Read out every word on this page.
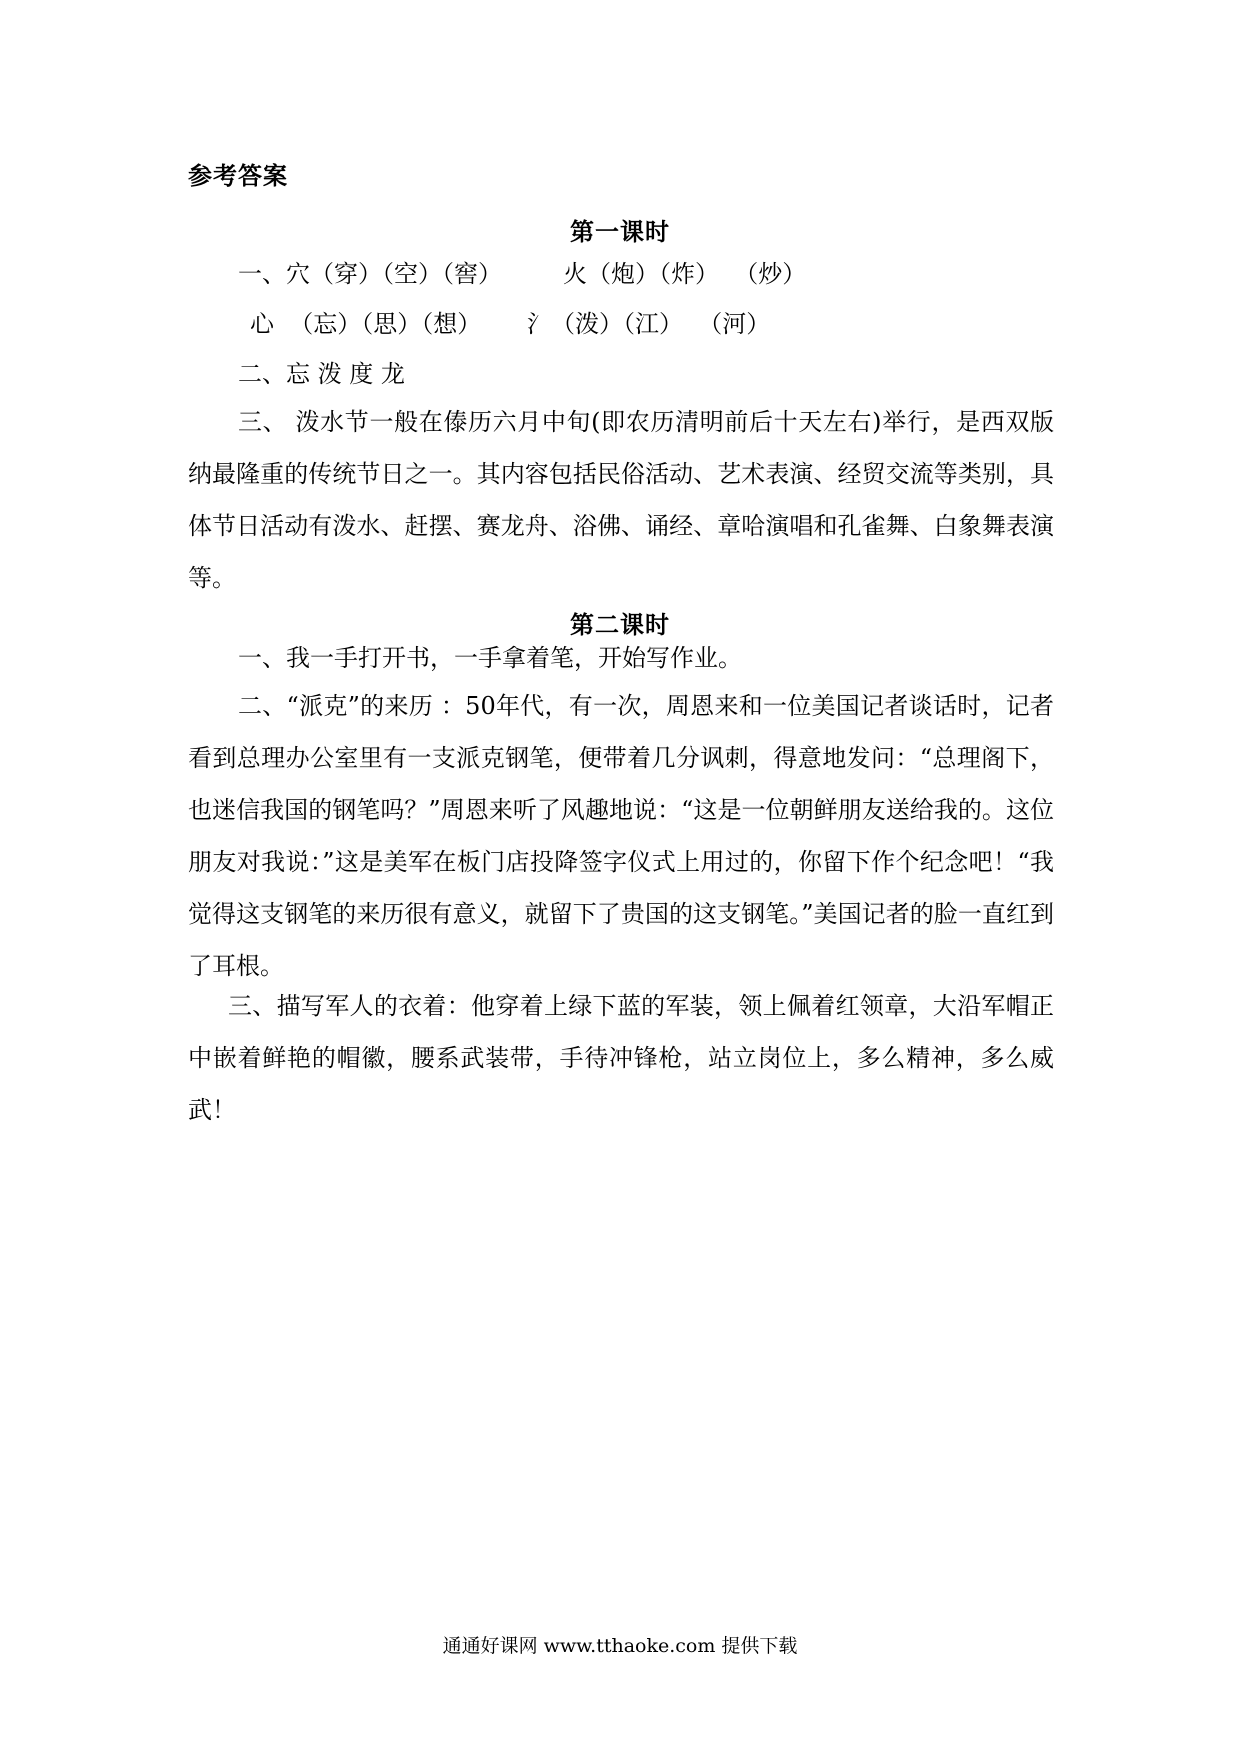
参考答案
第一课时
一、穴（穿）（空）（窖）        火（炮）（炸）  （炒）
心  （忘）（思）（想）      氵（泼）（江）  （河）
二、忘 泼 度 龙
三、 泼水节一般在傣历六月中旬(即农历清明前后十天左右)举行，是西双版纳最隆重的传统节日之一。其内容包括民俗活动、艺术表演、经贸交流等类别，具体节日活动有泼水、赶摆、赛龙舟、浴佛、诵经、章哈演唱和孔雀舞、白象舞表演等。
第二课时
一、我一手打开书，一手拿着笔，开始写作业。
二、“派克”的来历 ：50年代，有一次，周恩来和一位美国记者谈话时，记者看到总理办公室里有一支派克钢笔，便带着几分讽刺，得意地发问：“总理阁下，也迷信我国的钢笔吗？”周恩来听了风趣地说：“这是一位朝鲜朋友送给我的。这位朋友对我说：”这是美军在板门店投降签字仪式上用过的，你留下作个纪念吧！“我觉得这支钢笔的来历很有意义，就留下了贵国的这支钢笔。”美国记者的脸一直红到了耳根。
三、描写军人的衣着：他穿着上绿下蓝的军装，领上佩着红领章，大沿军帽正中嵌着鲜艳的帽徽，腰系武装带，手待冲锋枪，站立岗位上，多么精神，多么威武！
通通好课网 www.tthaoke.com 提供下载
